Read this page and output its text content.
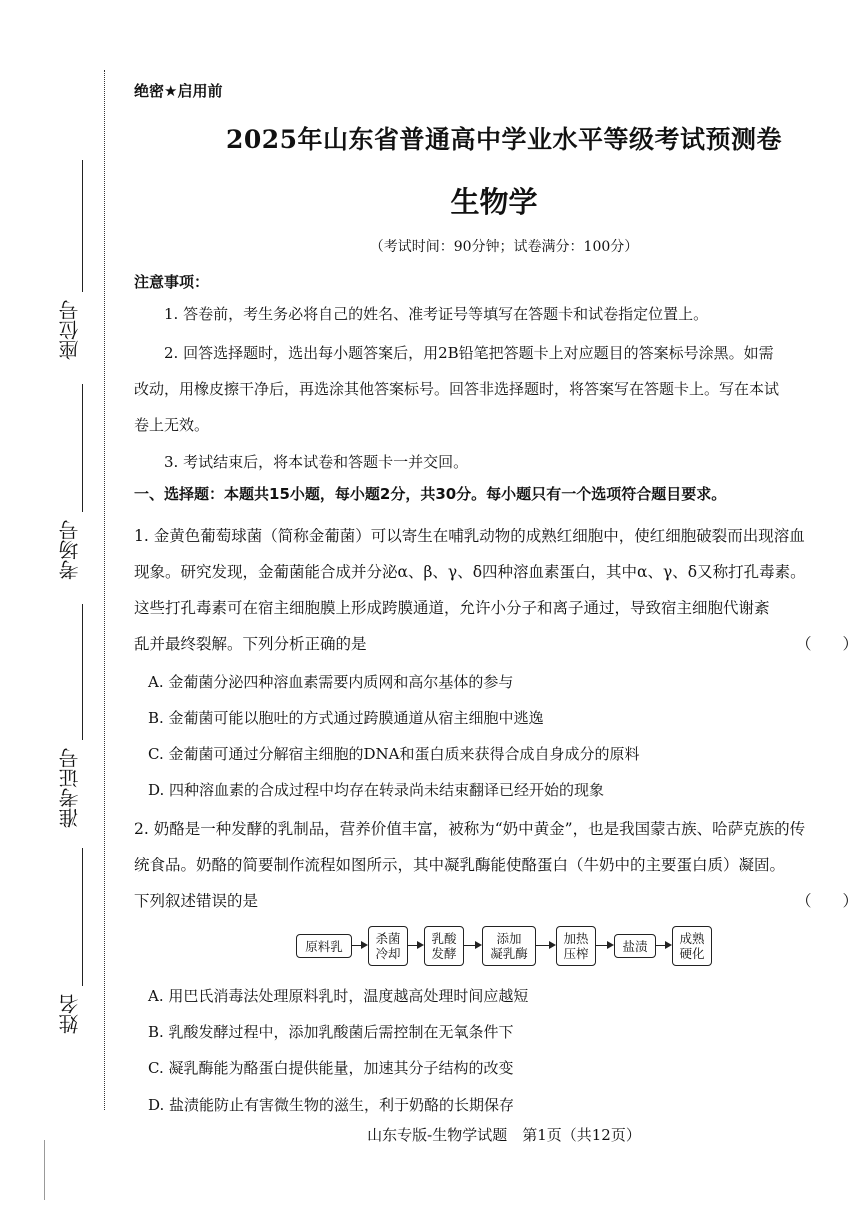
座位号
考场号
准考证号
姓名
绝密★启用前
2025年山东省普通高中学业水平等级考试预测卷
生物学
（考试时间：90分钟；试卷满分：100分）
注意事项：
1. 答卷前，考生务必将自己的姓名、准考证号等填写在答题卡和试卷指定位置上。
2. 回答选择题时，选出每小题答案后，用2B铅笔把答题卡上对应题目的答案标号涂黑。如需
改动，用橡皮擦干净后，再选涂其他答案标号。回答非选择题时，将答案写在答题卡上。写在本试
卷上无效。
3. 考试结束后，将本试卷和答题卡一并交回。
一、选择题：本题共15小题，每小题2分，共30分。每小题只有一个选项符合题目要求。
1. 金黄色葡萄球菌（简称金葡菌）可以寄生在哺乳动物的成熟红细胞中，使红细胞破裂而出现溶血
现象。研究发现，金葡菌能合成并分泌α、β、γ、δ四种溶血素蛋白，其中α、γ、δ又称打孔毒素。
这些打孔毒素可在宿主细胞膜上形成跨膜通道，允许小分子和离子通过，导致宿主细胞代谢紊
乱并最终裂解。下列分析正确的是	（　　）
A. 金葡菌分泌四种溶血素需要内质网和高尔基体的参与
B. 金葡菌可能以胞吐的方式通过跨膜通道从宿主细胞中逃逸
C. 金葡菌可通过分解宿主细胞的DNA和蛋白质来获得合成自身成分的原料
D. 四种溶血素的合成过程中均存在转录尚未结束翻译已经开始的现象
2. 奶酪是一种发酵的乳制品，营养价值丰富，被称为“奶中黄金”，也是我国蒙古族、哈萨克族的传
统食品。奶酪的简要制作流程如图所示，其中凝乳酶能使酪蛋白（牛奶中的主要蛋白质）凝固。
下列叙述错误的是	（　　）
原料乳	杀菌
冷却
乳酸
发酵
添加
凝乳酶
加热
压榨	盐渍	成熟
硬化
A. 用巴氏消毒法处理原料乳时，温度越高处理时间应越短
B. 乳酸发酵过程中，添加乳酸菌后需控制在无氧条件下
C. 凝乳酶能为酪蛋白提供能量，加速其分子结构的改变
D. 盐渍能防止有害微生物的滋生，利于奶酪的长期保存
山东专版-生物学试题　第1页（共12页）
